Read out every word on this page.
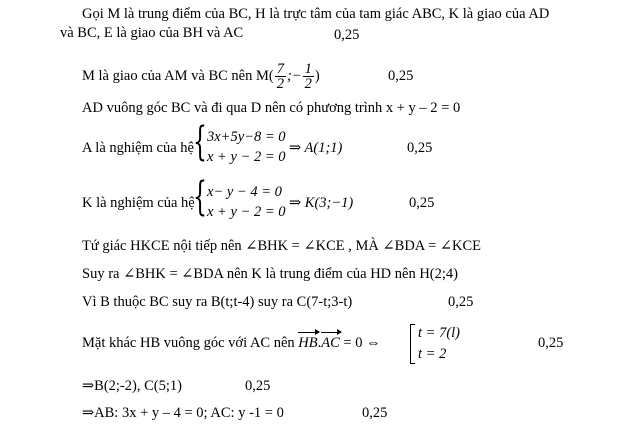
Gọi M là trung điểm của BC, H là trực tâm của tam giác ABC, K là giao của AD
và BC, E là giao của BH và AC	0,25
M là giao của AM và BC nên $M( \frac{7}{2}$ ;− $\frac{1}{2}$ )	0,25
AD vuông góc BC và đi qua D nên có phương trình x + y – 2 = 0
A là nghiệm của hệ { 3x+5y−8 = 0
x + y − 2 = 0
⇒ A(1;1)	0,25
K là nghiệm của hệ
{ x− y − 4 = 0
x + y − 2 = 0
⇒ K(3;−1)	0,25
Tứ giác HKCE nội tiếp nên ∠BHK = ∠KCE , MÀ ∠BDA = ∠KCE
Suy ra ∠BHK = ∠BDA nên K là trung điểm của HD nên H(2;4)
Vì B thuộc BC suy ra B(t;t-4) suy ra C(7-t;3-t)	0,25
Mặt khác HB vuông góc với AC nên HB.AC = 0 ⇔
t = 7(l)
t = 2
0,25
⇒B(2;-2), C(5;1)	0,25
⇒AB: 3x + y – 4 = 0; AC: y -1 = 0	0,25
